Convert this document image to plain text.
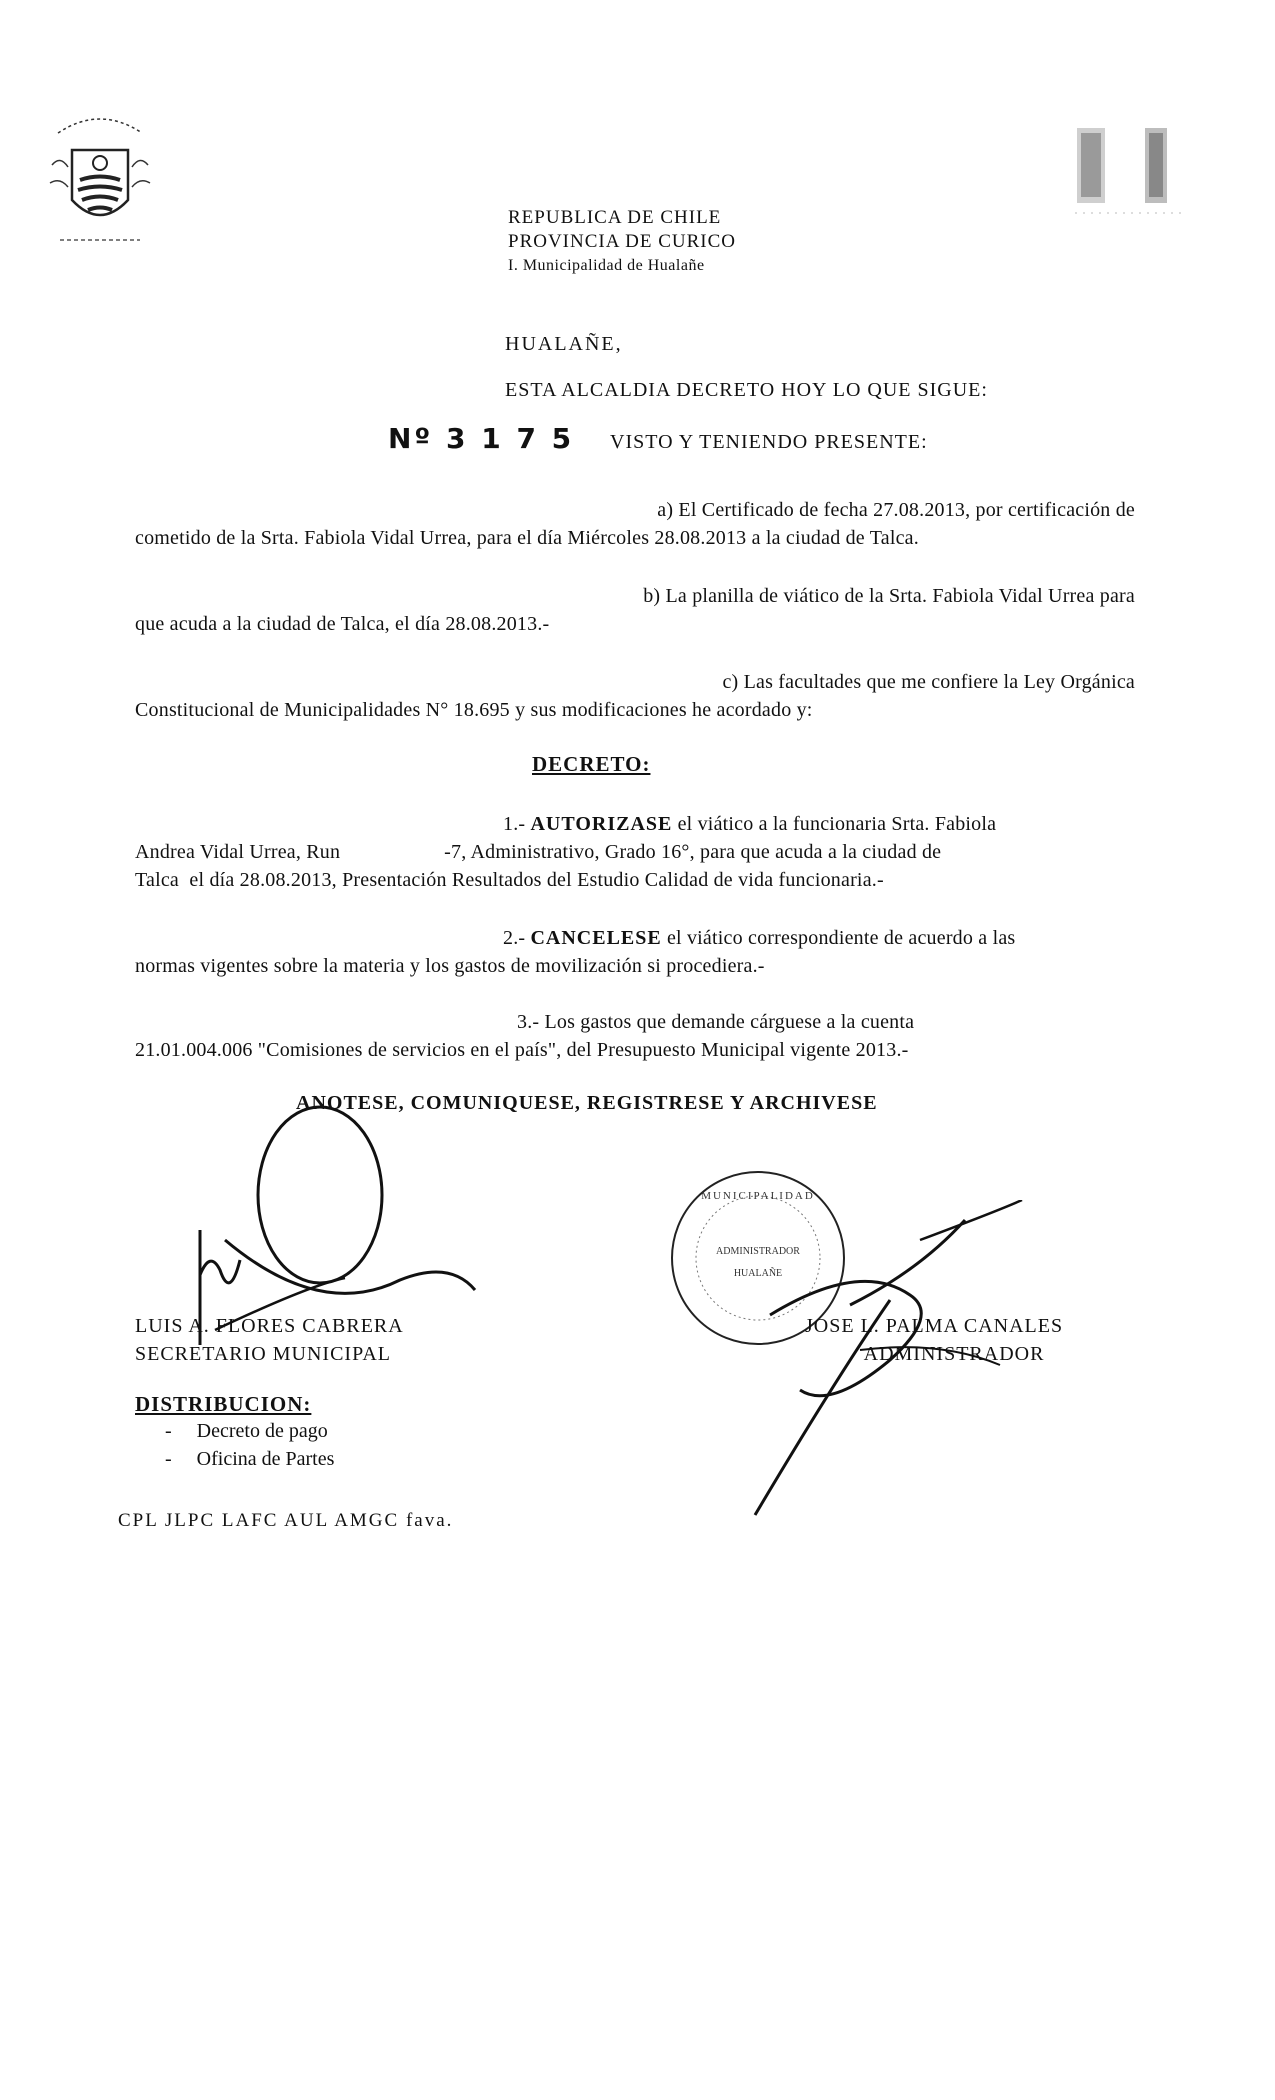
REPUBLICA DE CHILE
PROVINCIA DE CURICO
I. Municipalidad de Hualañe
HUALAÑE,
ESTA ALCALDIA DECRETO HOY LO QUE SIGUE:
Nº 3 1 7 5 VISTO Y TENIENDO PRESENTE:
a) El Certificado de fecha 27.08.2013, por certificación de
cometido de la Srta. Fabiola Vidal Urrea, para el día Miércoles 28.08.2013 a la ciudad de Talca.
b) La planilla de viático de la Srta. Fabiola Vidal Urrea para
que acuda a la ciudad de Talca, el día 28.08.2013.-
c) Las facultades que me confiere la Ley Orgánica
Constitucional de Municipalidades N° 18.695 y sus modificaciones he acordado y:
DECRETO:
1.- AUTORIZASE el viático a la funcionaria Srta. Fabiola
Andrea Vidal Urrea, Run                    -7, Administrativo, Grado 16°, para que acuda a la ciudad de
Talca  el día 28.08.2013, Presentación Resultados del Estudio Calidad de vida funcionaria.-
2.- CANCELESE el viático correspondiente de acuerdo a las
normas vigentes sobre la materia y los gastos de movilización si procediera.-
3.- Los gastos que demande cárguese a la cuenta
21.01.004.006 "Comisiones de servicios en el país", del Presupuesto Municipal vigente 2013.-
ANOTESE, COMUNIQUESE, REGISTRESE Y ARCHIVESE
MUNICIPALIDAD
ADMINISTRADOR
HUALAÑE
LUIS A. FLORES CABRERA
SECRETARIO MUNICIPAL
JOSE L. PALMA CANALES
ADMINISTRADOR
DISTRIBUCION:
-     Decreto de pago
-     Oficina de Partes
CPL JLPC LAFC AUL AMGC fava.
